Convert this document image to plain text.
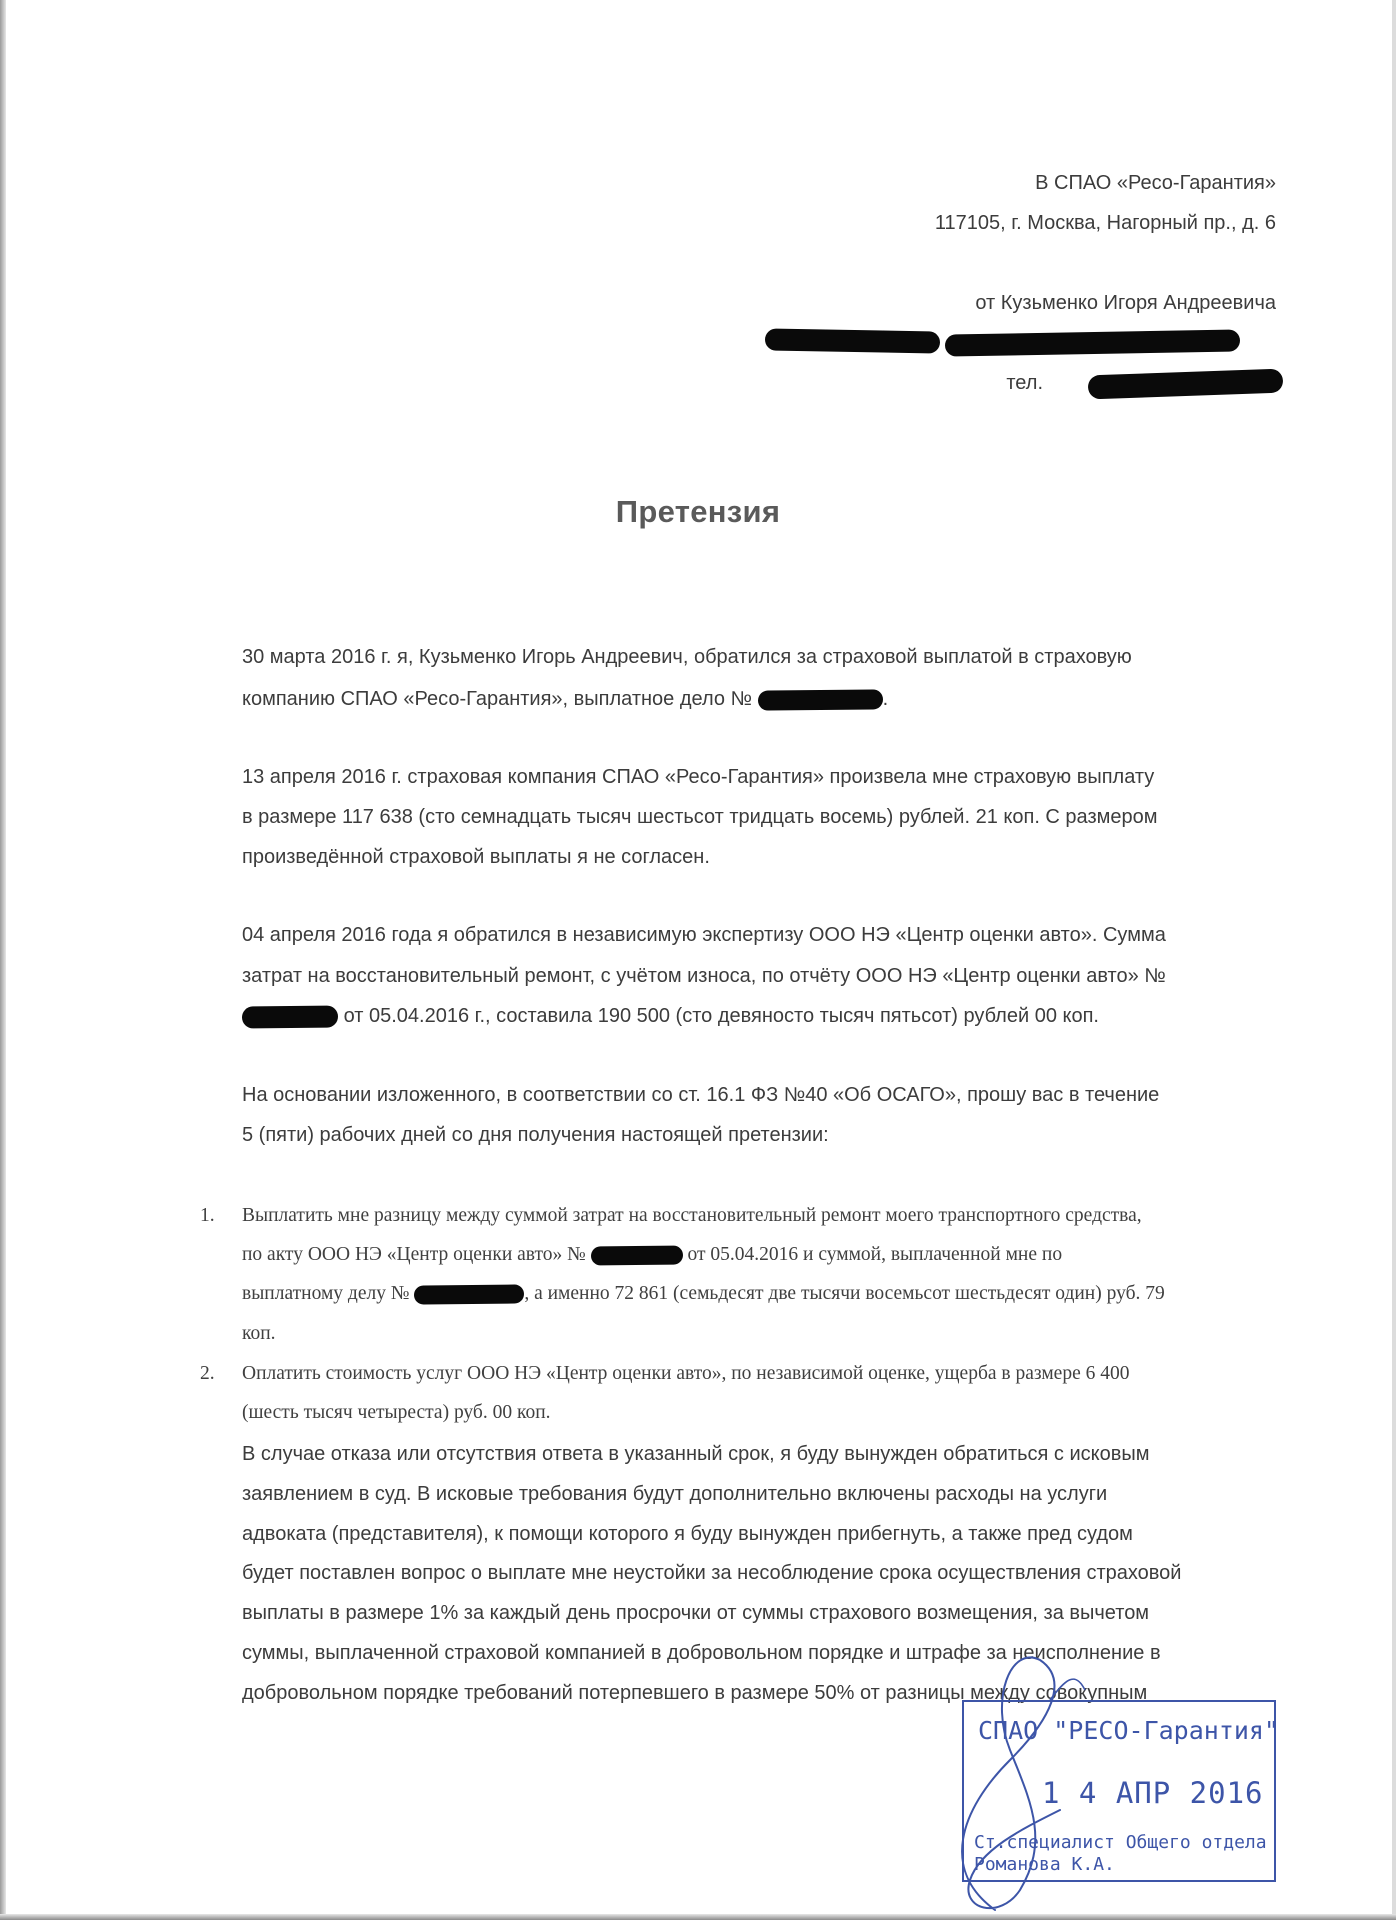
В СПАО «Ресо-Гарантия»
117105, г. Москва, Нагорный пр., д. 6
от Кузьменко Игоря Андреевича
тел.
Претензия
30 марта 2016 г. я, Кузьменко Игорь Андреевич, обратился за страховой выплатой в страховую
компанию СПАО «Ресо-Гарантия», выплатное дело №	.
13 апреля 2016 г. страховая компания СПАО «Ресо-Гарантия» произвела мне страховую выплату
в размере 117 638 (сто семнадцать тысяч шестьсот тридцать восемь) рублей. 21 коп. С размером
произведённой страховой выплаты я не согласен.
04 апреля 2016 года я обратился в независимую экспертизу ООО НЭ «Центр оценки авто». Сумма
затрат на восстановительный ремонт, с учётом износа, по отчёту ООО НЭ «Центр оценки авто» №
от 05.04.2016 г., составила 190 500 (сто девяносто тысяч пятьсот) рублей 00 коп.
На основании изложенного, в соответствии со ст. 16.1 ФЗ №40 «Об ОСАГО», прошу вас в течение
5 (пяти) рабочих дней со дня получения настоящей претензии:
1. Выплатить мне разницу между суммой затрат на восстановительный ремонт моего транспортного средства,
по акту ООО НЭ «Центр оценки авто» №	от 05.04.2016 и суммой, выплаченной мне по
выплатному делу №	, а именно 72 861 (семьдесят две тысячи восемьсот шестьдесят один) руб. 79
коп.
2. Оплатить стоимость услуг ООО НЭ «Центр оценки авто», по независимой оценке, ущерба в размере 6 400
(шесть тысяч четыреста) руб. 00 коп.
В случае отказа или отсутствия ответа в указанный срок, я буду вынужден обратиться с исковым
заявлением в суд. В исковые требования будут дополнительно включены расходы на услуги
адвоката (представителя), к помощи которого я буду вынужден прибегнуть, а также пред судом
будет поставлен вопрос о выплате мне неустойки за несоблюдение срока осуществления страховой
выплаты в размере 1% за каждый день просрочки от суммы страхового возмещения, за вычетом
суммы, выплаченной страховой компанией в добровольном порядке и штрафе за неисполнение в
добровольном порядке требований потерпевшего в размере 50% от разницы между совокупным
СПАО "РЕСО-Гарантия"
1 4 АПР 2016
Ст.специалист Общего отдела
Романова К.А.
